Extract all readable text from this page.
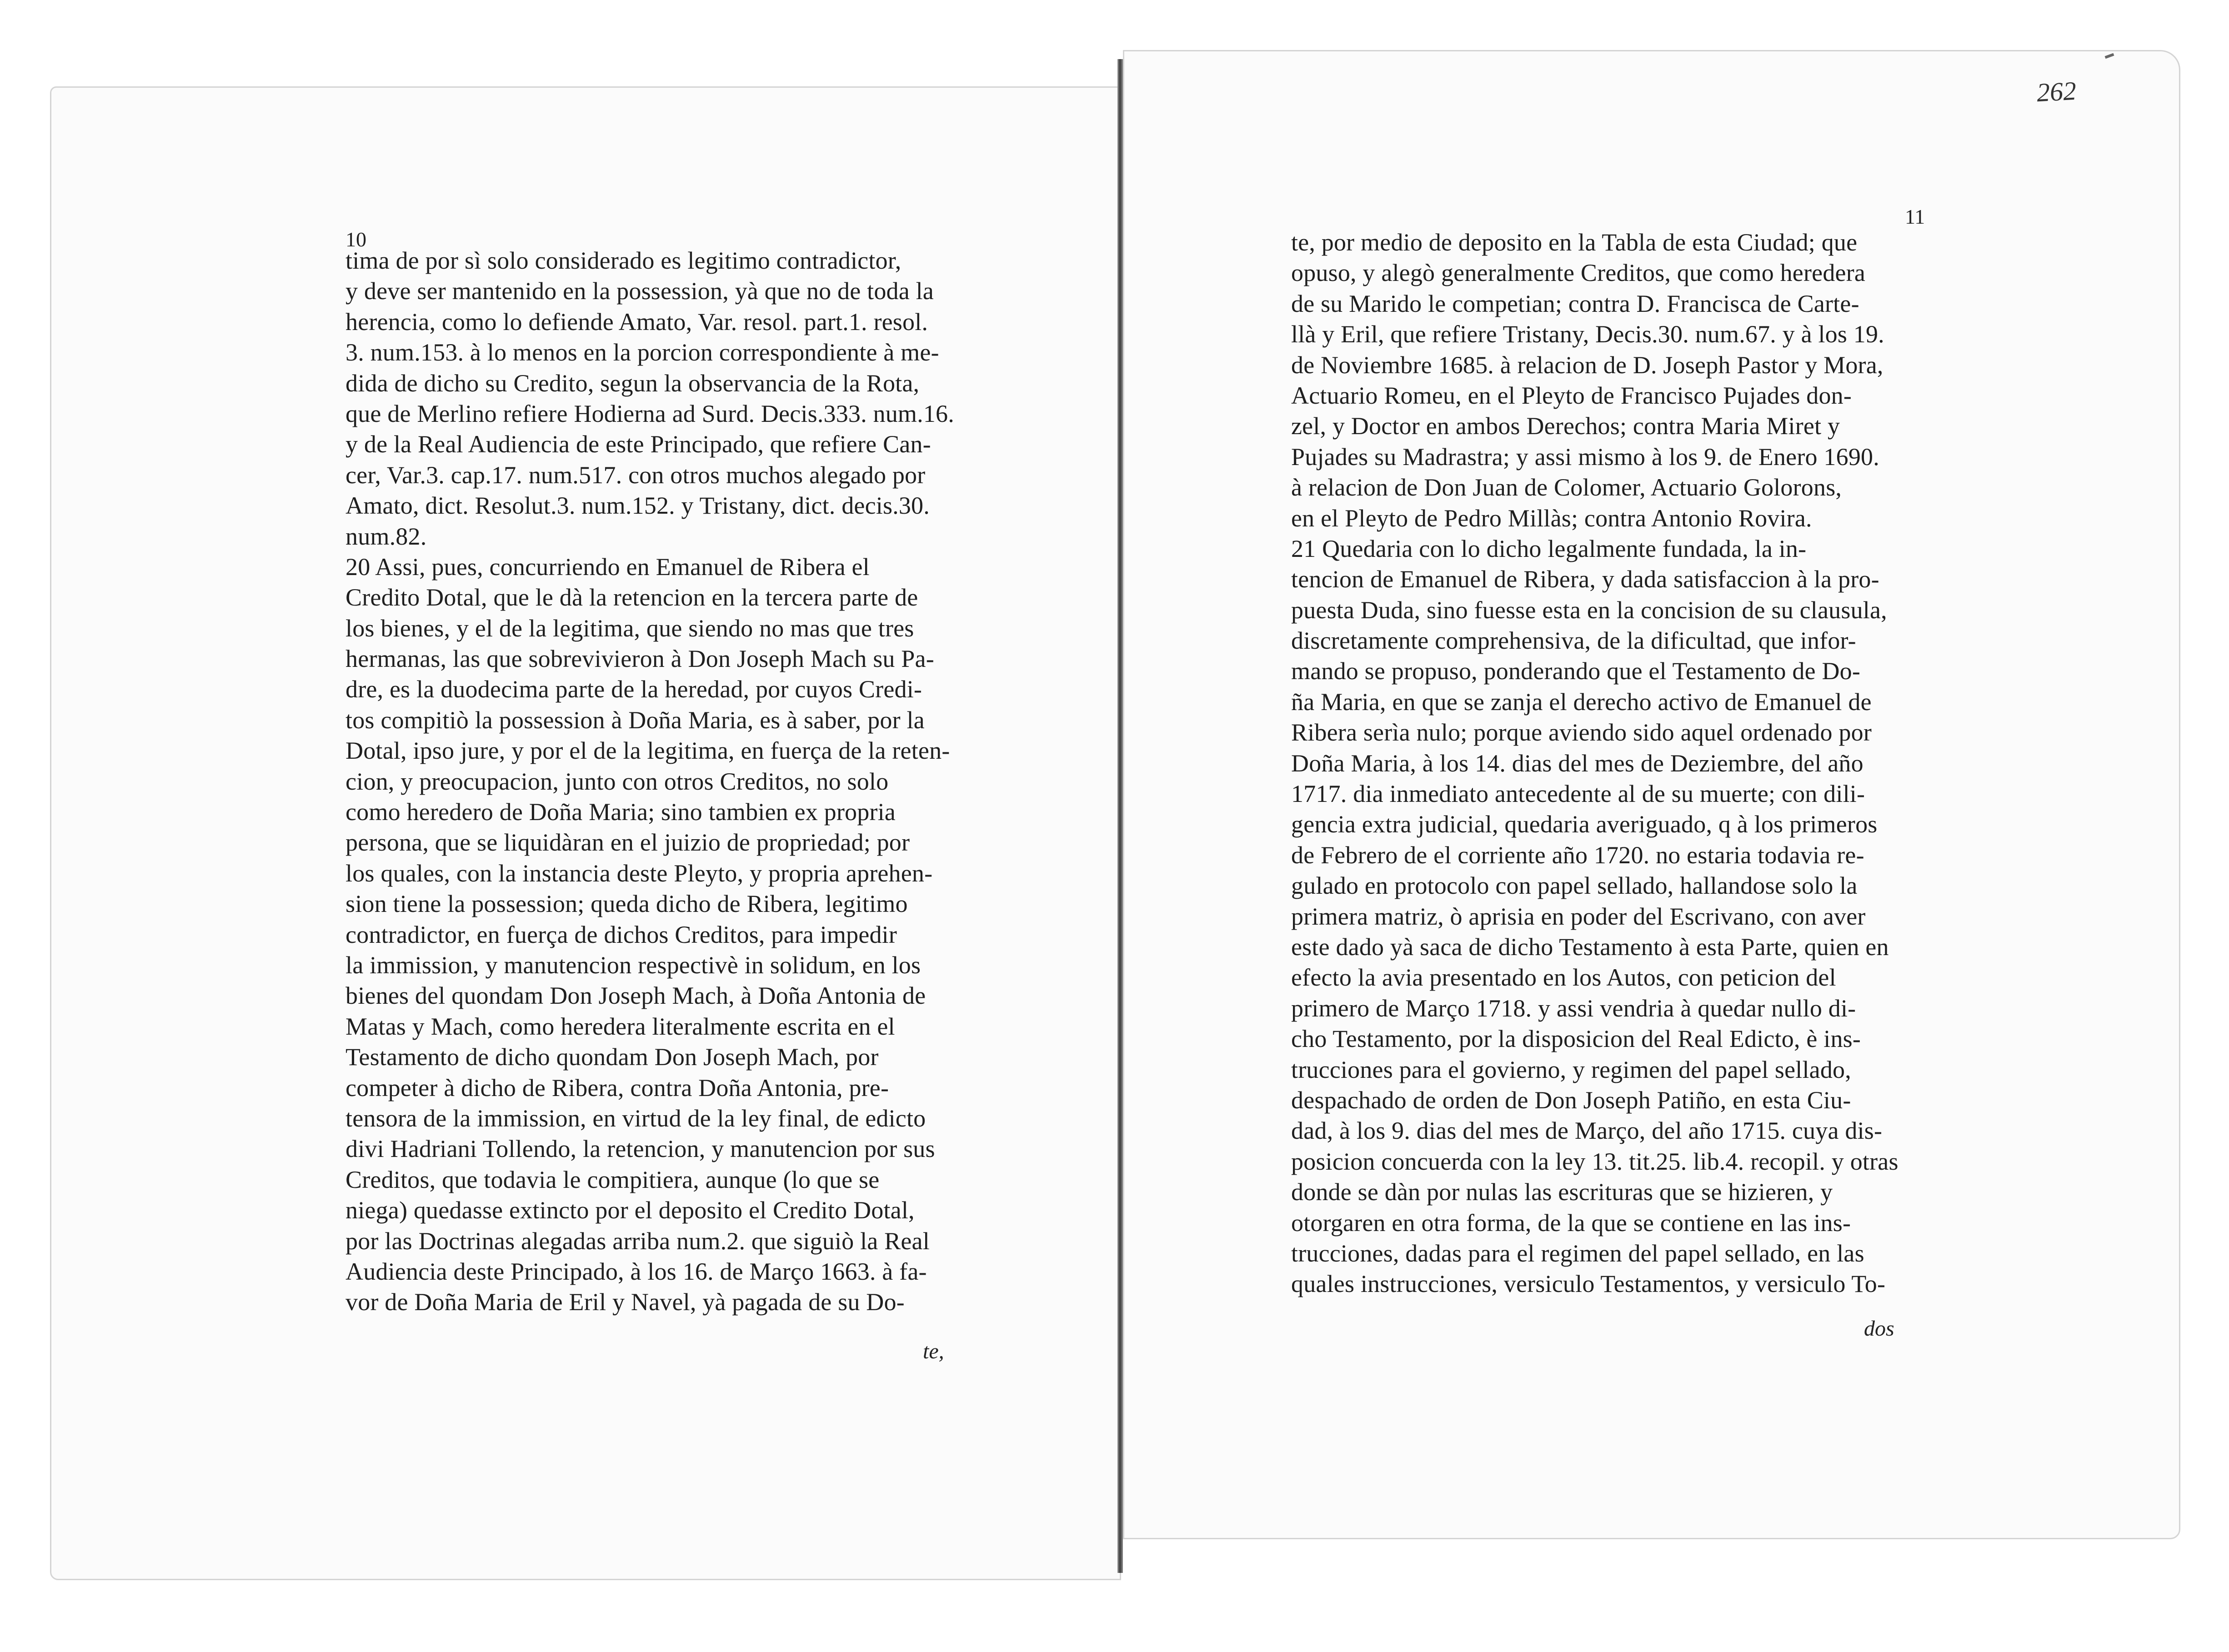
10
11
262
tima de por sì solo considerado es legitimo contradictor,
y deve ser mantenido en la possession, yà que no de toda la
herencia, como lo defiende Amato, Var. resol. part.1. resol.
3. num.153. à lo menos en la porcion correspondiente à me-
dida de dicho su Credito, segun la observancia de la Rota,
que de Merlino refiere Hodierna ad Surd. Decis.333. num.16.
y de la Real Audiencia de este Principado, que refiere Can-
cer, Var.3. cap.17. num.517. con otros muchos alegado por
Amato, dict. Resolut.3. num.152. y Tristany, dict. decis.30.
num.82.
20 Assi, pues, concurriendo en Emanuel de Ribera el
Credito Dotal, que le dà la retencion en la tercera parte de
los bienes, y el de la legitima, que siendo no mas que tres
hermanas, las que sobrevivieron à Don Joseph Mach su Pa-
dre, es la duodecima parte de la heredad, por cuyos Credi-
tos compitiò la possession à Doña Maria, es à saber, por la
Dotal, ipso jure, y por el de la legitima, en fuerça de la reten-
cion, y preocupacion, junto con otros Creditos, no solo
como heredero de Doña Maria; sino tambien ex propria
persona, que se liquidàran en el juizio de propriedad; por
los quales, con la instancia deste Pleyto, y propria aprehen-
sion tiene la possession; queda dicho de Ribera, legitimo
contradictor, en fuerça de dichos Creditos, para impedir
la immission, y manutencion respectivè in solidum, en los
bienes del quondam Don Joseph Mach, à Doña Antonia de
Matas y Mach, como heredera literalmente escrita en el
Testamento de dicho quondam Don Joseph Mach, por
competer à dicho de Ribera, contra Doña Antonia, pre-
tensora de la immission, en virtud de la ley final, de edicto
divi Hadriani Tollendo, la retencion, y manutencion por sus
Creditos, que todavia le compitiera, aunque (lo que se
niega) quedasse extincto por el deposito el Credito Dotal,
por las Doctrinas alegadas arriba num.2. que siguiò la Real
Audiencia deste Principado, à los 16. de Março 1663. à fa-
vor de Doña Maria de Eril y Navel, yà pagada de su Do-
te, por medio de deposito en la Tabla de esta Ciudad; que
opuso, y alegò generalmente Creditos, que como heredera
de su Marido le competian; contra D. Francisca de Carte-
llà y Eril, que refiere Tristany, Decis.30. num.67. y à los 19.
de Noviembre 1685. à relacion de D. Joseph Pastor y Mora,
Actuario Romeu, en el Pleyto de Francisco Pujades don-
zel, y Doctor en ambos Derechos; contra Maria Miret y
Pujades su Madrastra; y assi mismo à los 9. de Enero 1690.
à relacion de Don Juan de Colomer, Actuario Golorons,
en el Pleyto de Pedro Millàs; contra Antonio Rovira.
21 Quedaria con lo dicho legalmente fundada, la in-
tencion de Emanuel de Ribera, y dada satisfaccion à la pro-
puesta Duda, sino fuesse esta en la concision de su clausula,
discretamente comprehensiva, de la dificultad, que infor-
mando se propuso, ponderando que el Testamento de Do-
ña Maria, en que se zanja el derecho activo de Emanuel de
Ribera serìa nulo; porque aviendo sido aquel ordenado por
Doña Maria, à los 14. dias del mes de Deziembre, del año
1717. dia inmediato antecedente al de su muerte; con dili-
gencia extra judicial, quedaria averiguado, q à los primeros
de Febrero de el corriente año 1720. no estaria todavia re-
gulado en protocolo con papel sellado, hallandose solo la
primera matriz, ò aprisia en poder del Escrivano, con aver
este dado yà saca de dicho Testamento à esta Parte, quien en
efecto la avia presentado en los Autos, con peticion del
primero de Março 1718. y assi vendria à quedar nullo di-
cho Testamento, por la disposicion del Real Edicto, è ins-
trucciones para el govierno, y regimen del papel sellado,
despachado de orden de Don Joseph Patiño, en esta Ciu-
dad, à los 9. dias del mes de Março, del año 1715. cuya dis-
posicion concuerda con la ley 13. tit.25. lib.4. recopil. y otras
donde se dàn por nulas las escrituras que se hizieren, y
otorgaren en otra forma, de la que se contiene en las ins-
trucciones, dadas para el regimen del papel sellado, en las
quales instrucciones, versiculo Testamentos, y versiculo To-
te,
dos
